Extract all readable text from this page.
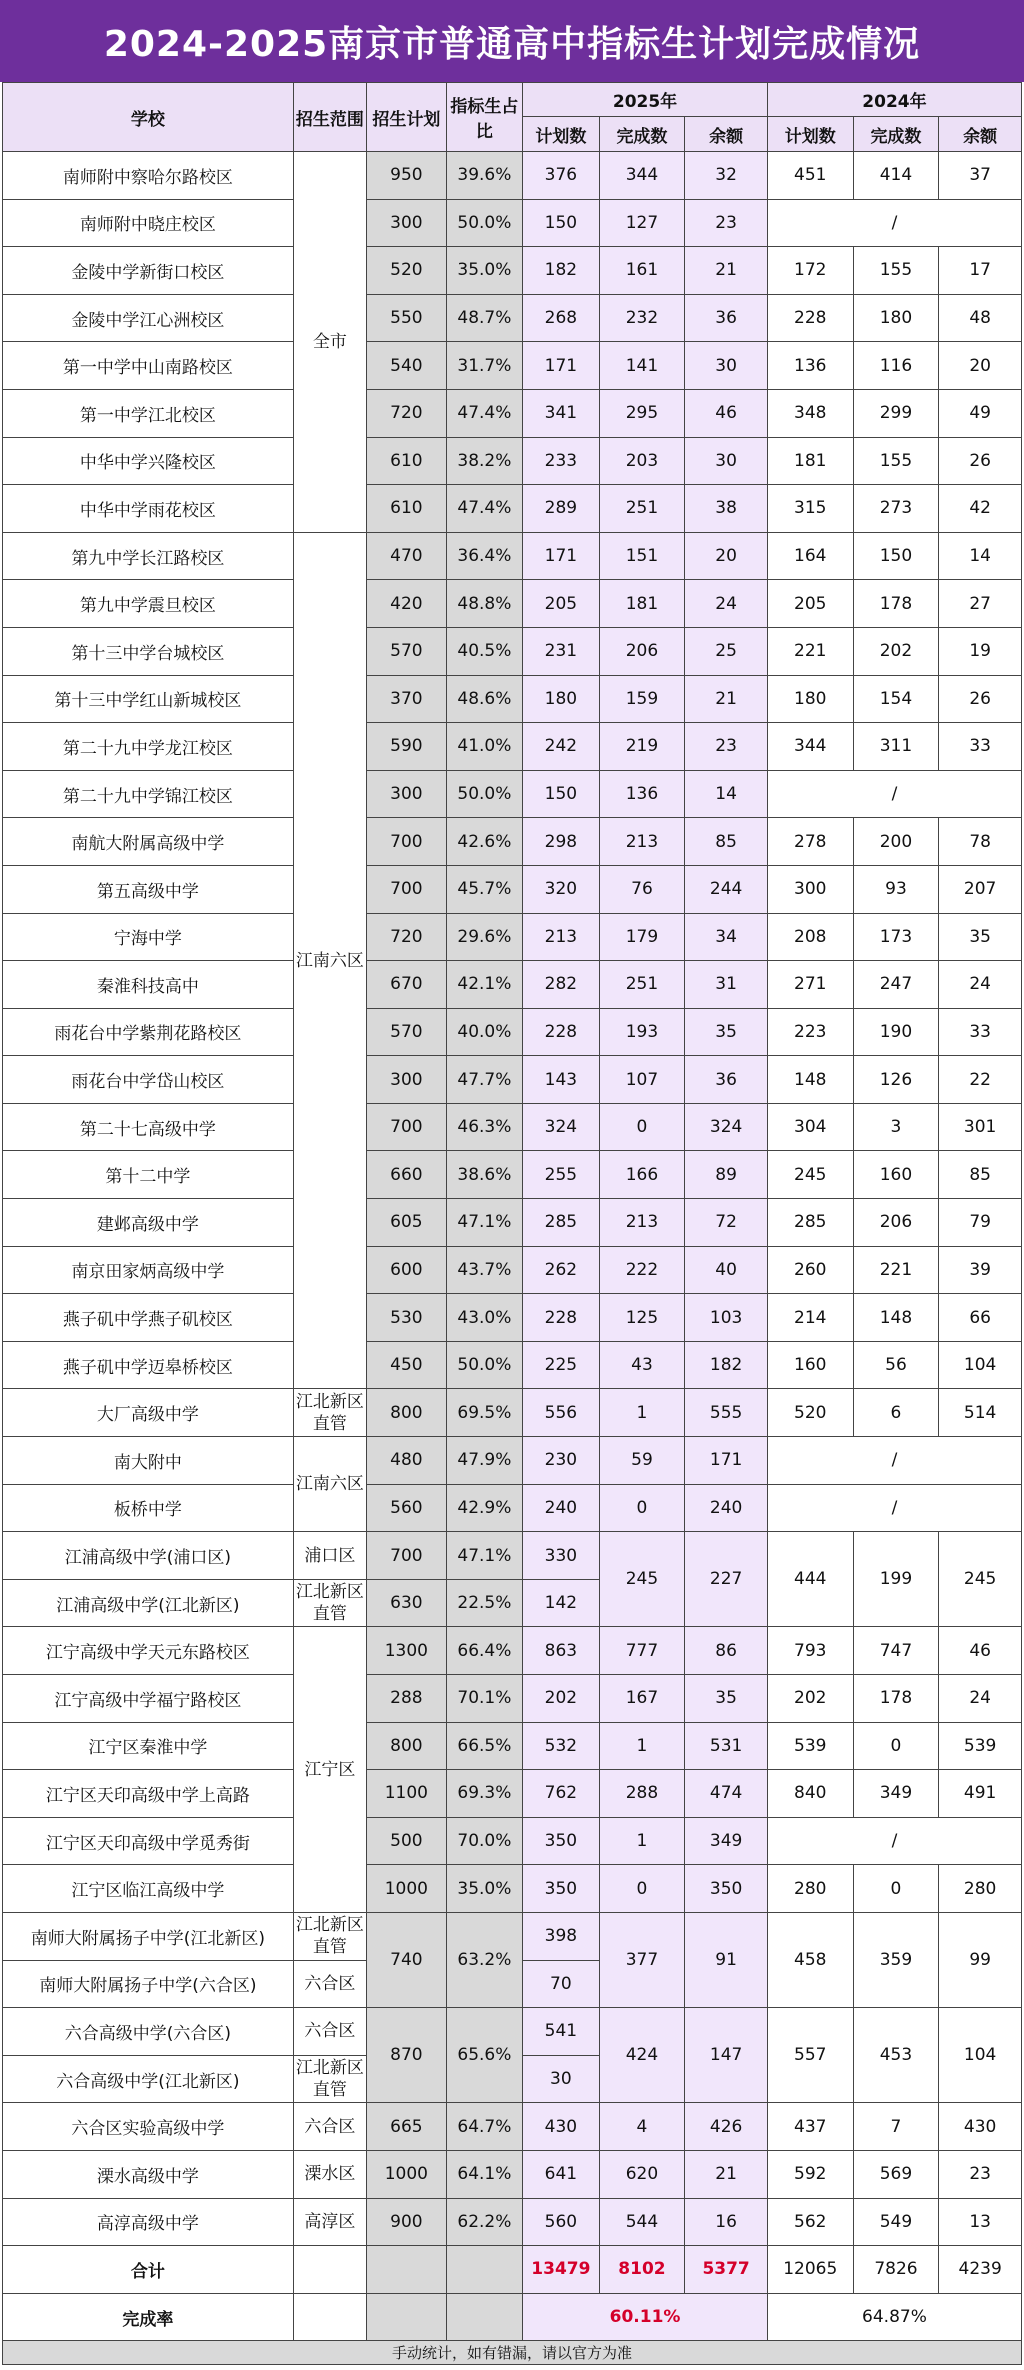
2024-2025南京市普通高中指标生计划完成情况
学校	招生范围	招生计划	指标生占比	2025年			2024年		
				计划数	完成数	余额	计划数	完成数	余额
南师附中察哈尔路校区	全市	950	39.6%	376	344	32	451	414	37
南师附中晓庄校区		300	50.0%	150	127	23	/		
金陵中学新街口校区		520	35.0%	182	161	21	172	155	17
金陵中学江心洲校区		550	48.7%	268	232	36	228	180	48
第一中学中山南路校区		540	31.7%	171	141	30	136	116	20
第一中学江北校区		720	47.4%	341	295	46	348	299	49
中华中学兴隆校区		610	38.2%	233	203	30	181	155	26
中华中学雨花校区		610	47.4%	289	251	38	315	273	42
第九中学长江路校区	江南六区	470	36.4%	171	151	20	164	150	14
第九中学震旦校区		420	48.8%	205	181	24	205	178	27
第十三中学台城校区		570	40.5%	231	206	25	221	202	19
第十三中学红山新城校区		370	48.6%	180	159	21	180	154	26
第二十九中学龙江校区		590	41.0%	242	219	23	344	311	33
第二十九中学锦江校区		300	50.0%	150	136	14	/		
南航大附属高级中学		700	42.6%	298	213	85	278	200	78
第五高级中学		700	45.7%	320	76	244	300	93	207
宁海中学		720	29.6%	213	179	34	208	173	35
秦淮科技高中		670	42.1%	282	251	31	271	247	24
雨花台中学紫荆花路校区		570	40.0%	228	193	35	223	190	33
雨花台中学岱山校区		300	47.7%	143	107	36	148	126	22
第二十七高级中学		700	46.3%	324	0	324	304	3	301
第十二中学		660	38.6%	255	166	89	245	160	85
建邺高级中学		605	47.1%	285	213	72	285	206	79
南京田家炳高级中学		600	43.7%	262	222	40	260	221	39
燕子矶中学燕子矶校区		530	43.0%	228	125	103	214	148	66
燕子矶中学迈皋桥校区		450	50.0%	225	43	182	160	56	104
大厂高级中学	江北新区直管	800	69.5%	556	1	555	520	6	514
南大附中	江南六区	480	47.9%	230	59	171	/		
板桥中学		560	42.9%	240	0	240	/		
江浦高级中学(浦口区)	浦口区	700	47.1%	330	245	227	444	199	245
江浦高级中学(江北新区)	江北新区直管	630	22.5%	142					
江宁高级中学天元东路校区	江宁区	1300	66.4%	863	777	86	793	747	46
江宁高级中学福宁路校区		288	70.1%	202	167	35	202	178	24
江宁区秦淮中学		800	66.5%	532	1	531	539	0	539
江宁区天印高级中学上高路		1100	69.3%	762	288	474	840	349	491
江宁区天印高级中学觅秀街		500	70.0%	350	1	349	/		
江宁区临江高级中学		1000	35.0%	350	0	350	280	0	280
南师大附属扬子中学(江北新区)	江北新区直管	740	63.2%	398	377	91	458	359	99
南师大附属扬子中学(六合区)	六合区			70					
六合高级中学(六合区)	六合区	870	65.6%	541	424	147	557	453	104
六合高级中学(江北新区)	江北新区直管			30					
六合区实验高级中学	六合区	665	64.7%	430	4	426	437	7	430
溧水高级中学	溧水区	1000	64.1%	641	620	21	592	569	23
高淳高级中学	高淳区	900	62.2%	560	544	16	562	549	13
合计				13479	8102	5377	12065	7826	4239
完成率				60.11%			64.87%		
手动统计，如有错漏，请以官方为准
